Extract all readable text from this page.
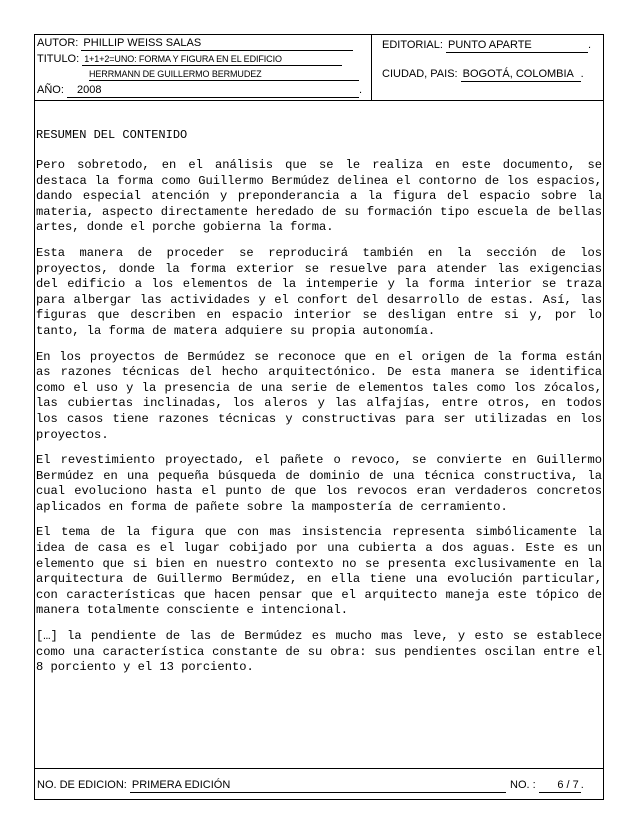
AUTOR: PHILLIP WEISS SALAS
TITULO: 1+1+2=UNO: FORMA Y FIGURA EN EL EDIFICIO
HERRMANN DE GUILLERMO BERMUDEZ
AÑO: 2008	.
EDITORIAL: PUNTO APARTE	.
CIUDAD, PAIS: BOGOTÁ, COLOMBIA .
RESUMEN DEL CONTENIDO

Pero sobretodo, en el análisis que se le realiza en este documento, se destaca la forma como Guillermo Bermúdez delinea el contorno de los espacios, dando especial atención y preponderancia a la figura del espacio sobre la materia, aspecto directamente heredado de su formación tipo escuela de bellas artes, donde el porche gobierna la forma.

Esta manera de proceder se reproducirá también en la sección de los proyectos, donde la forma exterior se resuelve para atender las exigencias del edificio a los elementos de la intemperie y la forma interior se traza para albergar las actividades y el confort del desarrollo de estas. Así, las figuras que describen en espacio interior se desligan entre si y, por lo tanto, la forma de matera adquiere su propia autonomía.

En los proyectos de Bermúdez se reconoce que en el origen de la forma están as razones técnicas del hecho arquitectónico. De esta manera se identifica como el uso y la presencia de una serie de elementos tales como los zócalos, las cubiertas inclinadas, los aleros y las alfajías, entre otros, en todos los casos tiene razones técnicas y constructivas para ser utilizadas en los proyectos.

El revestimiento proyectado, el pañete o revoco, se convierte en Guillermo Bermúdez en una pequeña búsqueda de dominio de una técnica constructiva, la cual evoluciono hasta el punto de que los revocos eran verdaderos concretos aplicados en forma de pañete sobre la mampostería de cerramiento.

El tema de la figura que con mas insistencia representa simbólicamente la idea de casa es el lugar cobijado por una cubierta a dos aguas. Este es un elemento que si bien en nuestro contexto no se presenta exclusivamente en la arquitectura de Guillermo Bermúdez, en ella tiene una evolución particular, con características que hacen pensar que el arquitecto maneja este tópico de manera totalmente consciente e intencional.

[…] la pendiente de las de Bermúdez es mucho mas leve, y esto se establece como una característica constante de su obra: sus pendientes oscilan entre el 8 porciento y el 13 porciento.

NO. DE EDICION: PRIMERA EDICIÓN	NO. : 6 / 7 .
